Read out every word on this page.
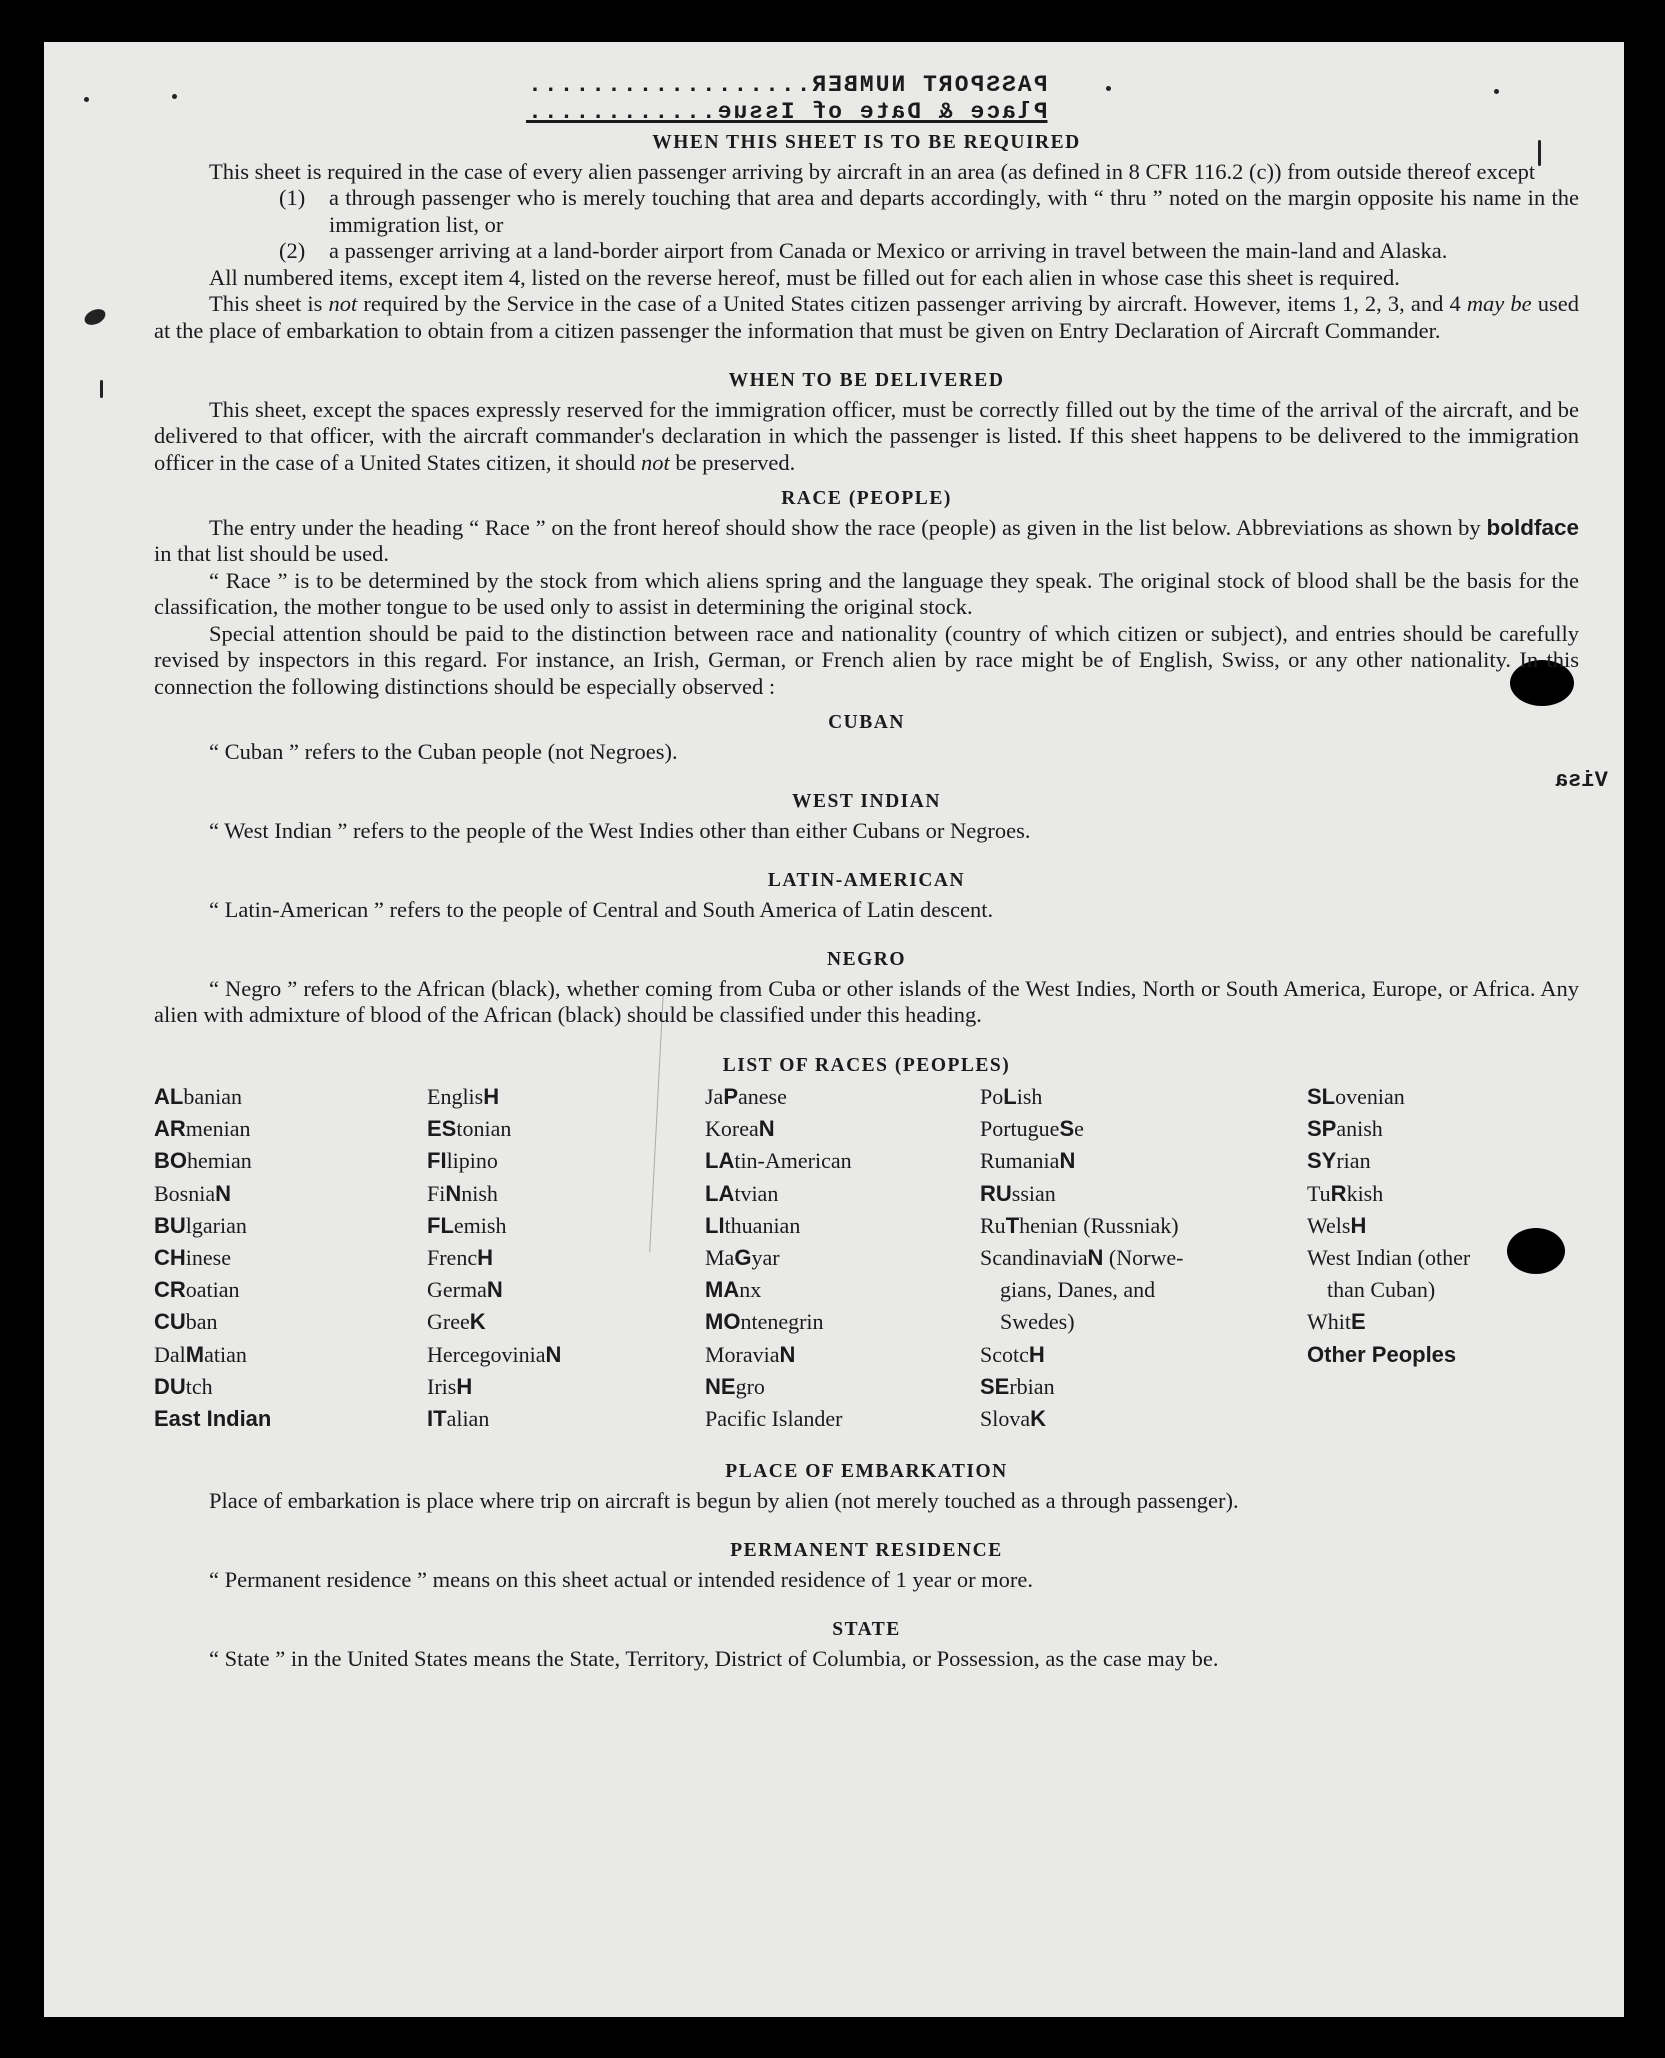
Visa
PASSPORT NUMBER..................
Place & Date of Issue............
WHEN THIS SHEET IS TO BE REQUIRED

This sheet is required in the case of every alien passenger arriving by aircraft in an area (as defined in 8 CFR 116.2 (c)) from outside thereof except

(1)	a through passenger who is merely touching that area and departs accordingly, with “ thru ” noted on the margin opposite his name in the immigration list, or
(2)	a passenger arriving at a land-border airport from Canada or Mexico or arriving in travel between the main-land and Alaska.

All numbered items, except item 4, listed on the reverse hereof, must be filled out for each alien in whose case this sheet is required.

This sheet is not required by the Service in the case of a United States citizen passenger arriving by aircraft. However, items 1, 2, 3, and 4 may be used at the place of embarkation to obtain from a citizen passenger the information that must be given on Entry Declaration of Aircraft Commander.

WHEN TO BE DELIVERED

This sheet, except the spaces expressly reserved for the immigration officer, must be correctly filled out by the time of the arrival of the aircraft, and be delivered to that officer, with the aircraft commander's declaration in which the passenger is listed. If this sheet happens to be delivered to the immigration officer in the case of a United States citizen, it should not be preserved.

RACE (PEOPLE)

The entry under the heading “ Race ” on the front hereof should show the race (people) as given in the list below. Abbreviations as shown by boldface in that list should be used.

“ Race ” is to be determined by the stock from which aliens spring and the language they speak. The original stock of blood shall be the basis for the classification, the mother tongue to be used only to assist in determining the original stock.

Special attention should be paid to the distinction between race and nationality (country of which citizen or subject), and entries should be carefully revised by inspectors in this regard. For instance, an Irish, German, or French alien by race might be of English, Swiss, or any other nationality. In this connection the following distinctions should be especially observed :

CUBAN

“ Cuban ” refers to the Cuban people (not Negroes).

WEST INDIAN

“ West Indian ” refers to the people of the West Indies other than either Cubans or Negroes.

LATIN-AMERICAN

“ Latin-American ” refers to the people of Central and South America of Latin descent.

NEGRO

“ Negro ” refers to the African (black), whether coming from Cuba or other islands of the West Indies, North or South America, Europe, or Africa. Any alien with admixture of blood of the African (black) should be classified under this heading.

LIST OF RACES (PEOPLES)
ALbanian
ARmenian
BOhemian
BosniaN
BUlgarian
CHinese
CRoatian
CUban
DalMatian
DUtch
East Indian
EnglisH
EStonian
FIlipino
FiNnish
FLemish
FrencH
GermaN
GreeK
HercegoviniaN
IrisH
ITalian
JaPanese
KoreaN
LAtin-American
LAtvian
LIthuanian
MaGyar
MAnx
MOntenegrin
MoraviaN
NEgro
Pacific Islander
PoLish
PortugueSe
RumaniaN
RUssian
RuThenian (Russniak)
ScandinaviaN (Norwe-
gians, Danes, and
Swedes)
ScotcH
SErbian
SlovaK
SLovenian
SPanish
SYrian
TuRkish
WelsH
West Indian (other
than Cuban)
WhitE
Other Peoples
PLACE OF EMBARKATION

Place of embarkation is place where trip on aircraft is begun by alien (not merely touched as a through passenger).

PERMANENT RESIDENCE

“ Permanent residence ” means on this sheet actual or intended residence of 1 year or more.

STATE

“ State ” in the United States means the State, Territory, District of Columbia, or Possession, as the case may be.
